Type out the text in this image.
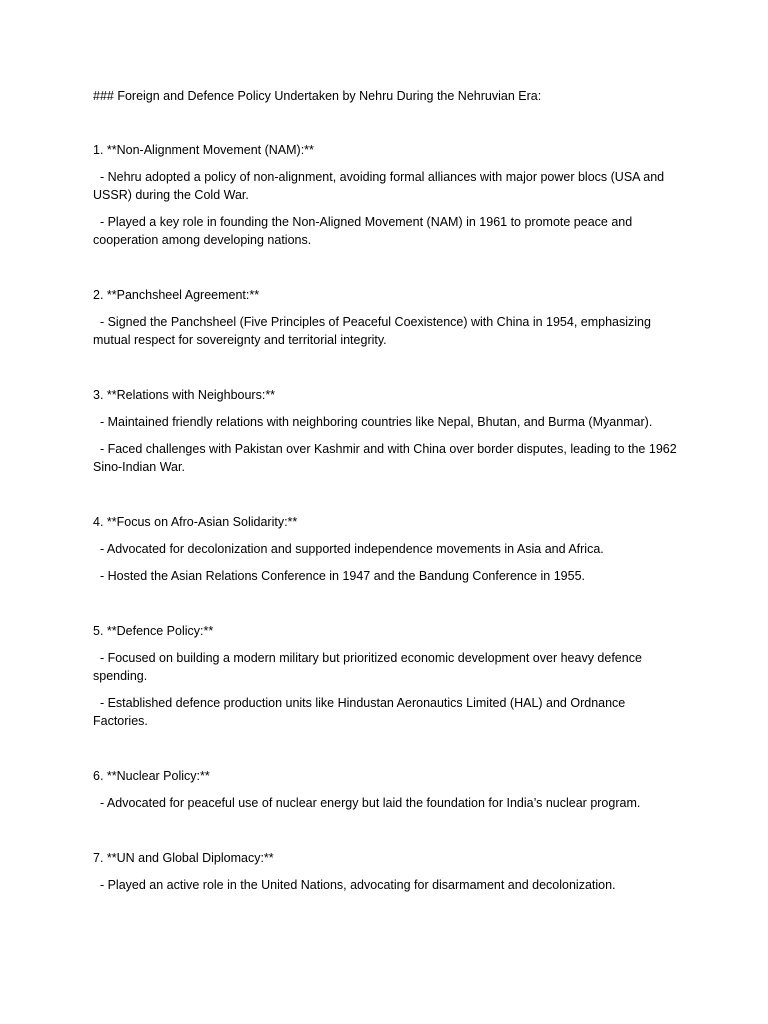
### Foreign and Defence Policy Undertaken by Nehru During the Nehruvian Era:
1. **Non-Alignment Movement (NAM):**
- Nehru adopted a policy of non-alignment, avoiding formal alliances with major power blocs (USA and USSR) during the Cold War.
- Played a key role in founding the Non-Aligned Movement (NAM) in 1961 to promote peace and cooperation among developing nations.
2. **Panchsheel Agreement:**
- Signed the Panchsheel (Five Principles of Peaceful Coexistence) with China in 1954, emphasizing mutual respect for sovereignty and territorial integrity.
3. **Relations with Neighbours:**
- Maintained friendly relations with neighboring countries like Nepal, Bhutan, and Burma (Myanmar).
- Faced challenges with Pakistan over Kashmir and with China over border disputes, leading to the 1962 Sino-Indian War.
4. **Focus on Afro-Asian Solidarity:**
- Advocated for decolonization and supported independence movements in Asia and Africa.
- Hosted the Asian Relations Conference in 1947 and the Bandung Conference in 1955.
5. **Defence Policy:**
- Focused on building a modern military but prioritized economic development over heavy defence spending.
- Established defence production units like Hindustan Aeronautics Limited (HAL) and Ordnance Factories.
6. **Nuclear Policy:**
- Advocated for peaceful use of nuclear energy but laid the foundation for India’s nuclear program.
7. **UN and Global Diplomacy:**
- Played an active role in the United Nations, advocating for disarmament and decolonization.
